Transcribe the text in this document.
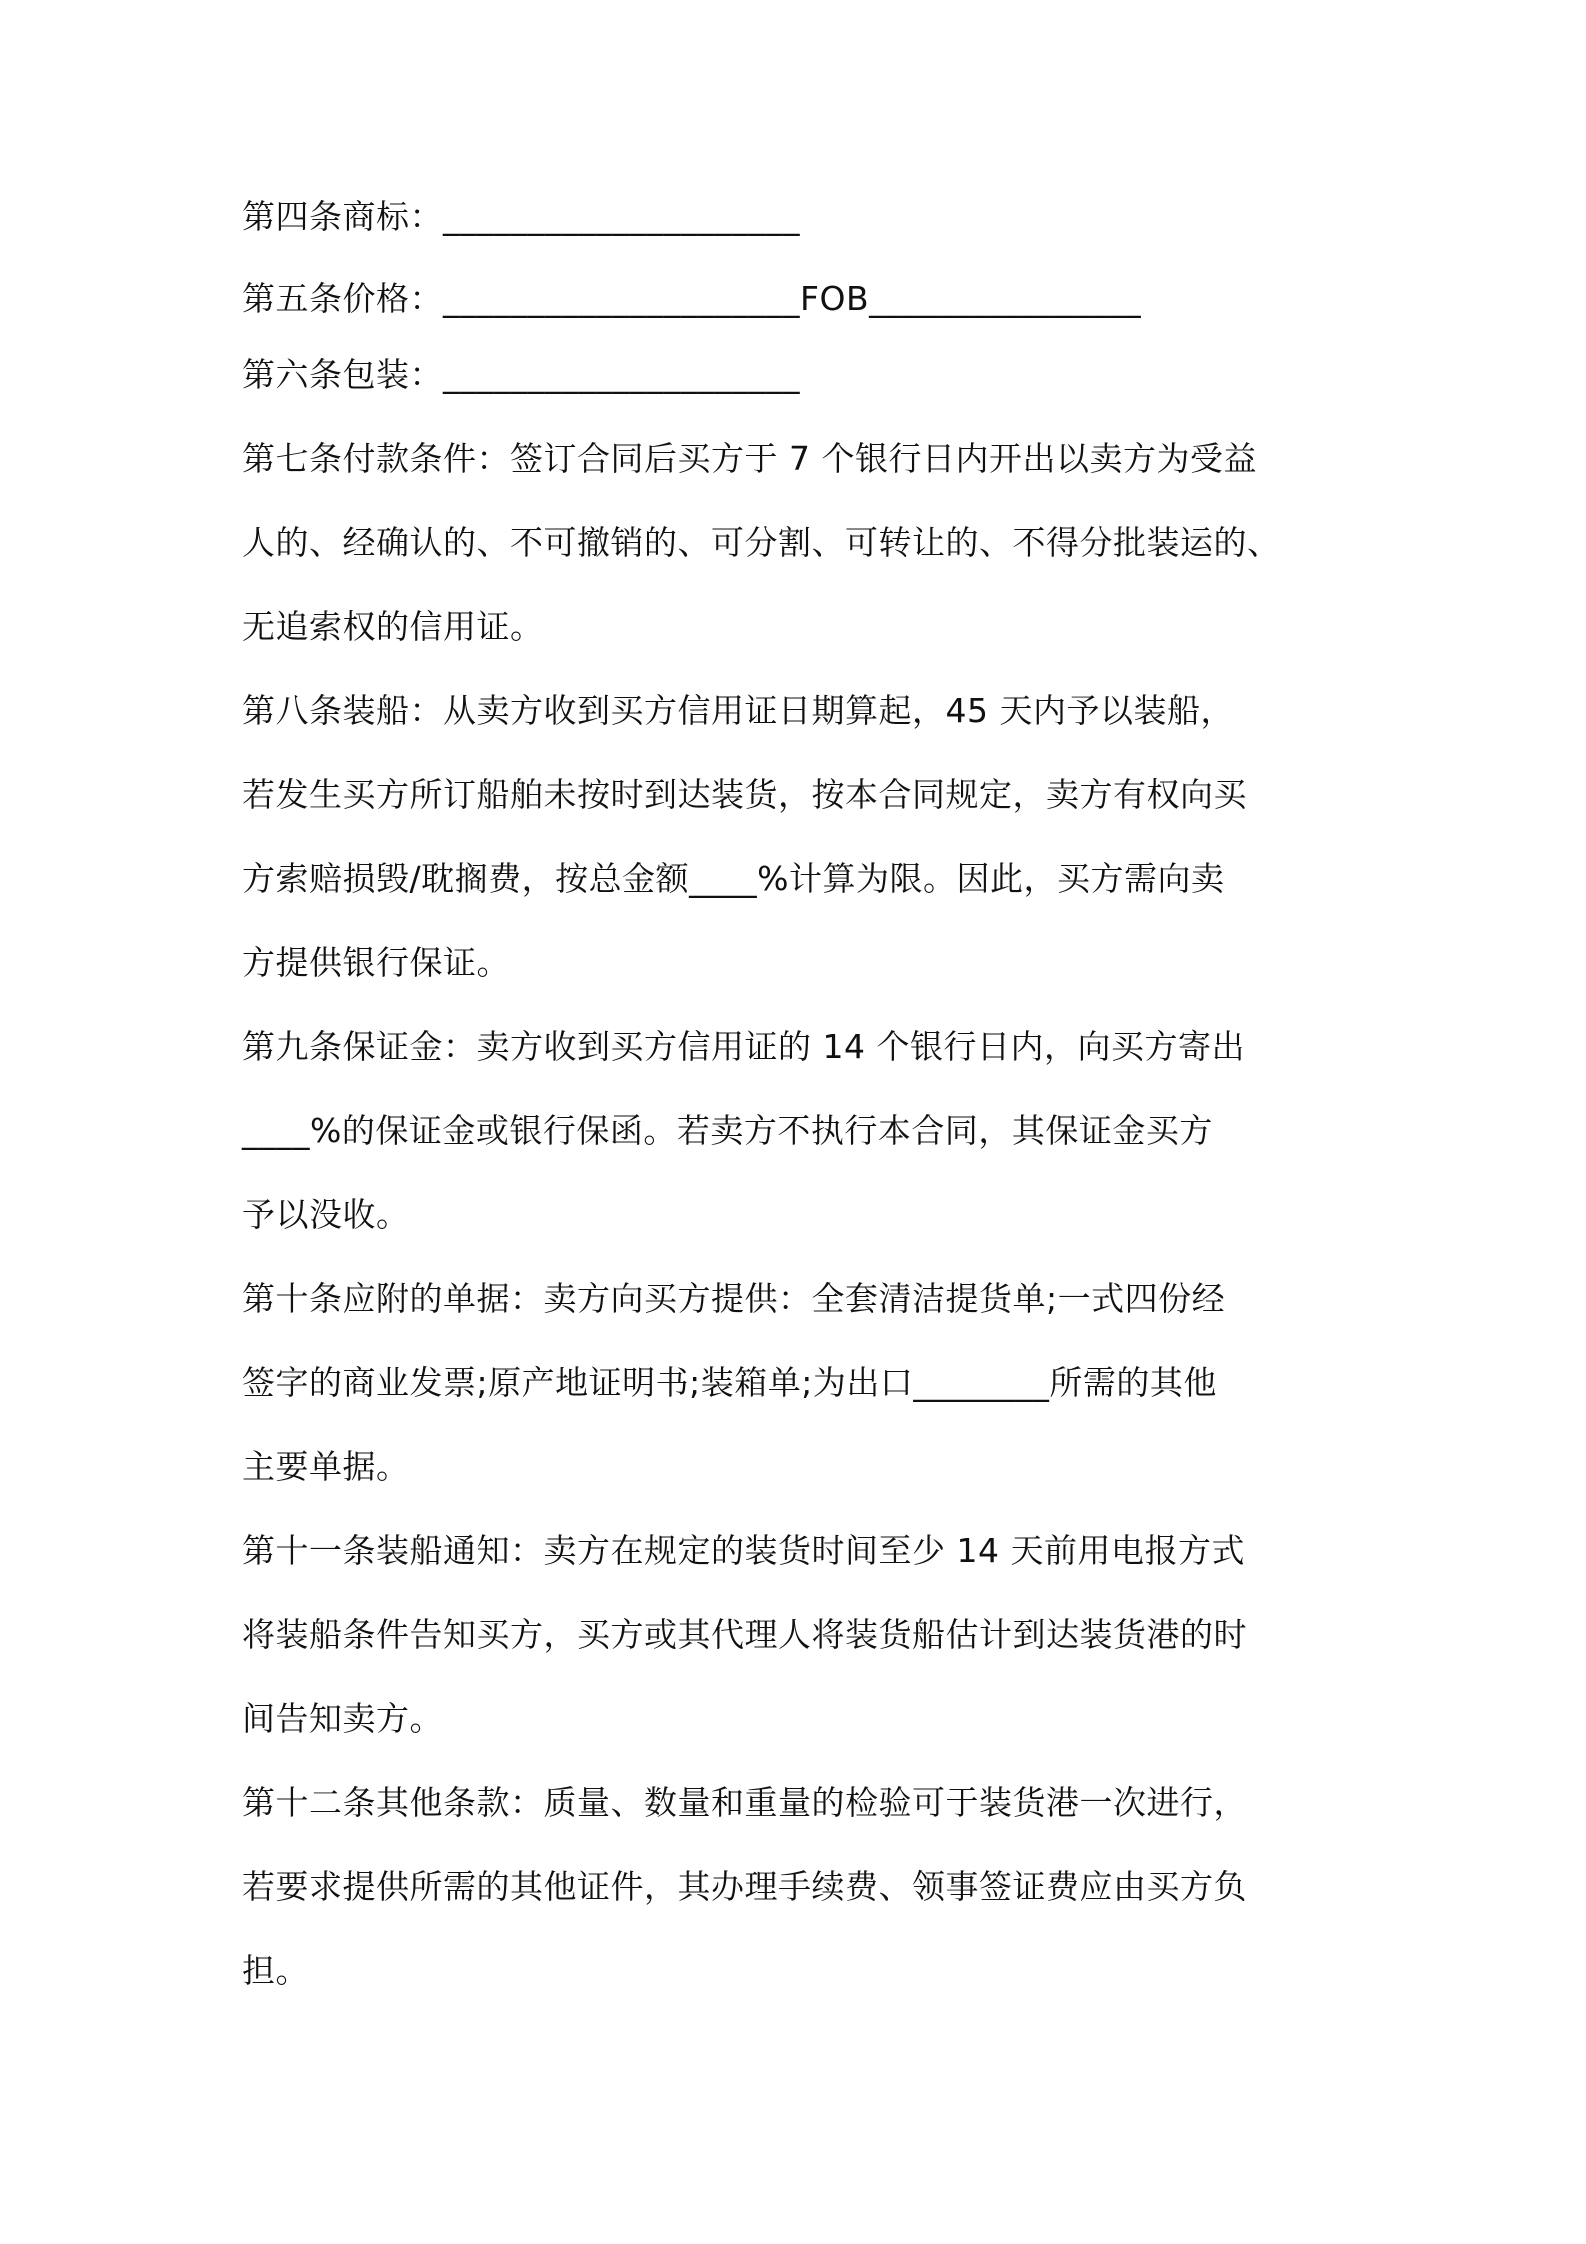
第四条商标：_____________________
第五条价格：_____________________FOB________________
第六条包装：_____________________
第七条付款条件：签订合同后买方于 7 个银行日内开出以卖方为受益
人的、经确认的、不可撤销的、可分割、可转让的、不得分批装运的、
无追索权的信用证。
第八条装船：从卖方收到买方信用证日期算起，45 天内予以装船，
若发生买方所订船舶未按时到达装货，按本合同规定，卖方有权向买
方索赔损毁/耽搁费，按总金额____%计算为限。因此，买方需向卖
方提供银行保证。
第九条保证金：卖方收到买方信用证的 14 个银行日内，向买方寄出
____%的保证金或银行保函。若卖方不执行本合同，其保证金买方
予以没收。
第十条应附的单据：卖方向买方提供：全套清洁提货单;一式四份经
签字的商业发票;原产地证明书;装箱单;为出口________所需的其他
主要单据。
第十一条装船通知：卖方在规定的装货时间至少 14 天前用电报方式
将装船条件告知买方，买方或其代理人将装货船估计到达装货港的时
间告知卖方。
第十二条其他条款：质量、数量和重量的检验可于装货港一次进行，
若要求提供所需的其他证件，其办理手续费、领事签证费应由买方负
担。
